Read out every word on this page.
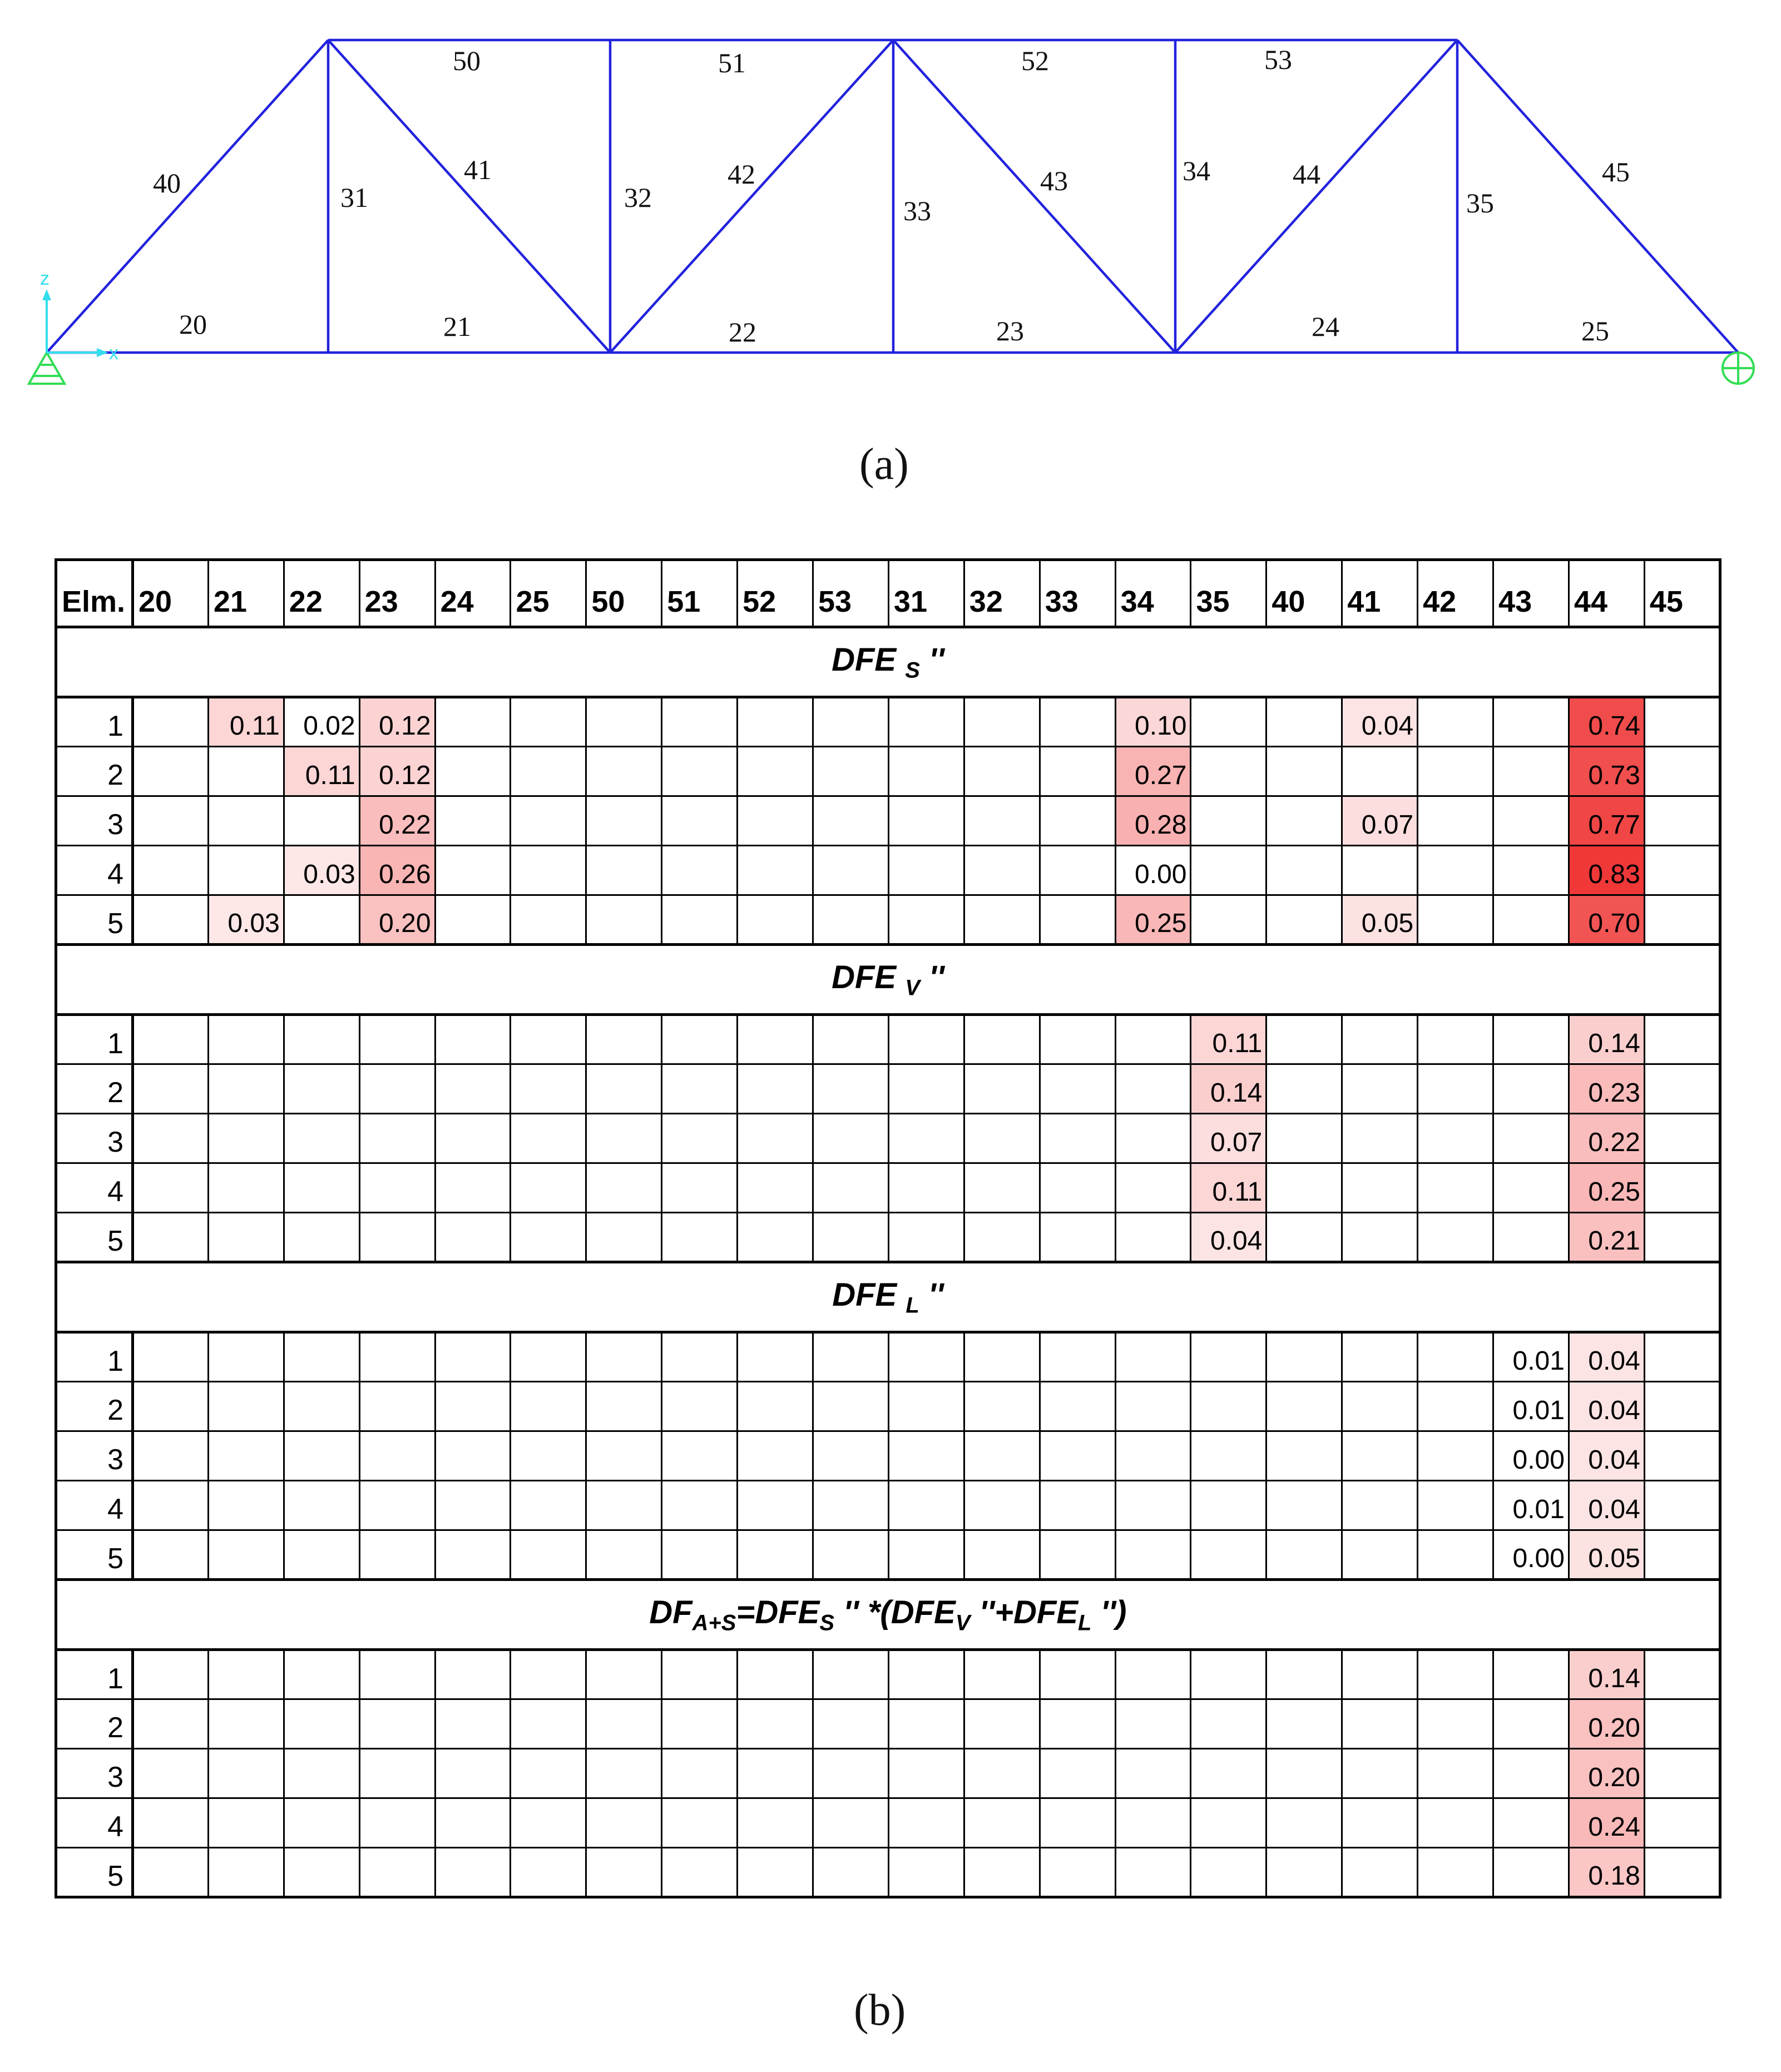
z
x
20	21	22	23	24	25
31	32	33
34
35
40	41	42	43	44	45
50	51	52	53
(a)
Elm.	20	21	22	23	24	25	50	51	52	53	31	32	33	34	35	40	41	42	43	44	45
DFE $_S$ ''																					
1		0.11	0.02	0.12										0.10			0.04			0.74	
2			0.11	0.12										0.27						0.73	
3				0.22										0.28			0.07			0.77	
4			0.03	0.26										0.00						0.83	
5		0.03		0.20										0.25			0.05			0.70	
DFE $_V$ ''																					
1															0.11					0.14	
2															0.14					0.23	
3															0.07					0.22	
4															0.11					0.25	
5															0.04					0.21	
DFE $_L$ ''																					
1																			0.01	0.04	
2																			0.01	0.04	
3																			0.00	0.04	
4																			0.01	0.04	
5																			0.00	0.05	
$DF_{A+S}=DFE_S$ '' $*(DFE_V$ ''$+DFE_L$ '')																					
1																				0.14	
2																				0.20	
3																				0.20	
4																				0.24	
5																				0.18	
(b)
